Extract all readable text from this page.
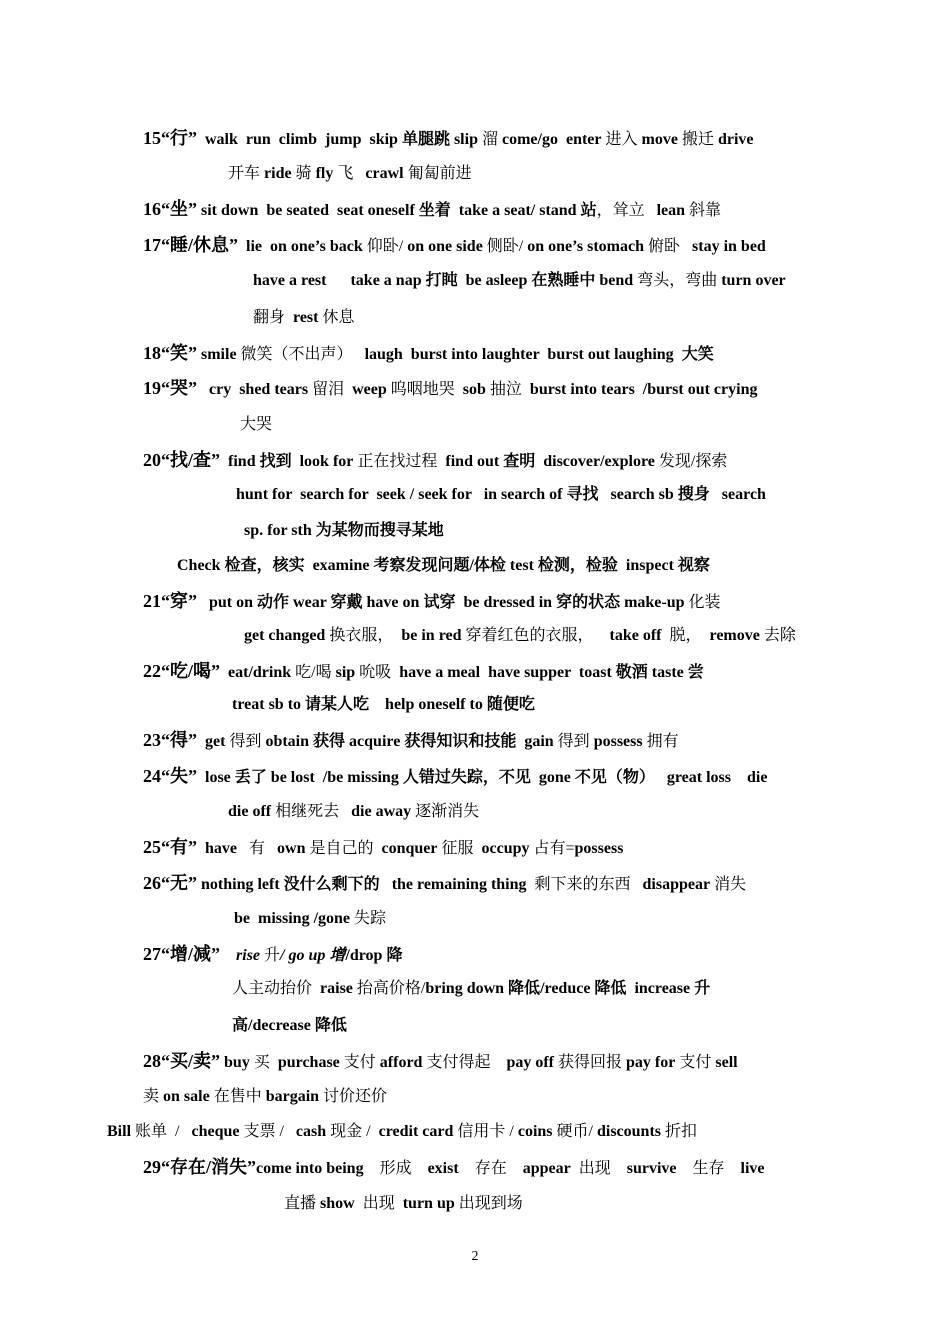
15“行” walk  run  climb  jump  skip 单腿跳 slip 溜 come/go  enter 进入 move 搬迁 drive
开车 ride 骑 fly 飞   crawl 匍匐前进
16“坐” sit down  be seated  seat oneself 坐着  take a seat/ stand 站，耸立   lean 斜靠
17“睡/休息” lie  on one’s back 仰卧/ on one side 侧卧/ on one’s stomach 俯卧   stay in bed
have a rest      take a nap 打盹  be asleep 在熟睡中 bend 弯头，弯曲 turn over
翻身  rest 休息
18“笑” smile 微笑（不出声）   laugh  burst into laughter  burst out laughing  大笑
19“哭” cry  shed tears 留泪  weep 呜咽地哭  sob 抽泣  burst into tears  /burst out crying
大哭
20“找/查” find 找到  look for 正在找过程  find out 查明  discover/explore 发现/探索
hunt for  search for  seek / seek for   in search of 寻找   search sb 搜身   search
sp. for sth 为某物而搜寻某地
Check 检查，核实  examine 考察发现问题/体检 test 检测，检验  inspect 视察
21“穿” put on 动作 wear 穿戴 have on 试穿  be dressed in 穿的状态 make-up 化装
get changed 换衣服，  be in red 穿着红色的衣服，    take off  脱，  remove 去除
22“吃/喝” eat/drink 吃/喝 sip 吮吸  have a meal  have supper  toast 敬酒 taste 尝
treat sb to 请某人吃    help oneself to 随便吃
23“得” get 得到 obtain 获得 acquire 获得知识和技能  gain 得到 possess 拥有
24“失” lose 丢了 be lost  /be missing 人错过失踪，不见  gone 不见（物）   great loss    die
die off 相继死去   die away 逐渐消失
25“有” have   有   own 是自己的  conquer 征服  occupy 占有=possess
26“无” nothing left 没什么剩下的   the remaining thing  剩下来的东西   disappear 消失
be  missing /gone 失踪
27“增/减” rise 升/ go up 增/drop 降
人主动抬价  raise 抬高价格/bring down 降低/reduce 降低  increase 升
高/decrease 降低
28“买/卖” buy 买  purchase 支付 afford 支付得起    pay off 获得回报 pay for 支付 sell
卖 on sale 在售中 bargain 讨价还价
Bill 账单  /   cheque 支票 /   cash 现金 /  credit card 信用卡 / coins 硬币/ discounts 折扣
29“存在/消失”come into being    形成    exist    存在    appear  出现    survive    生存    live
直播 show  出现  turn up 出现到场
2
